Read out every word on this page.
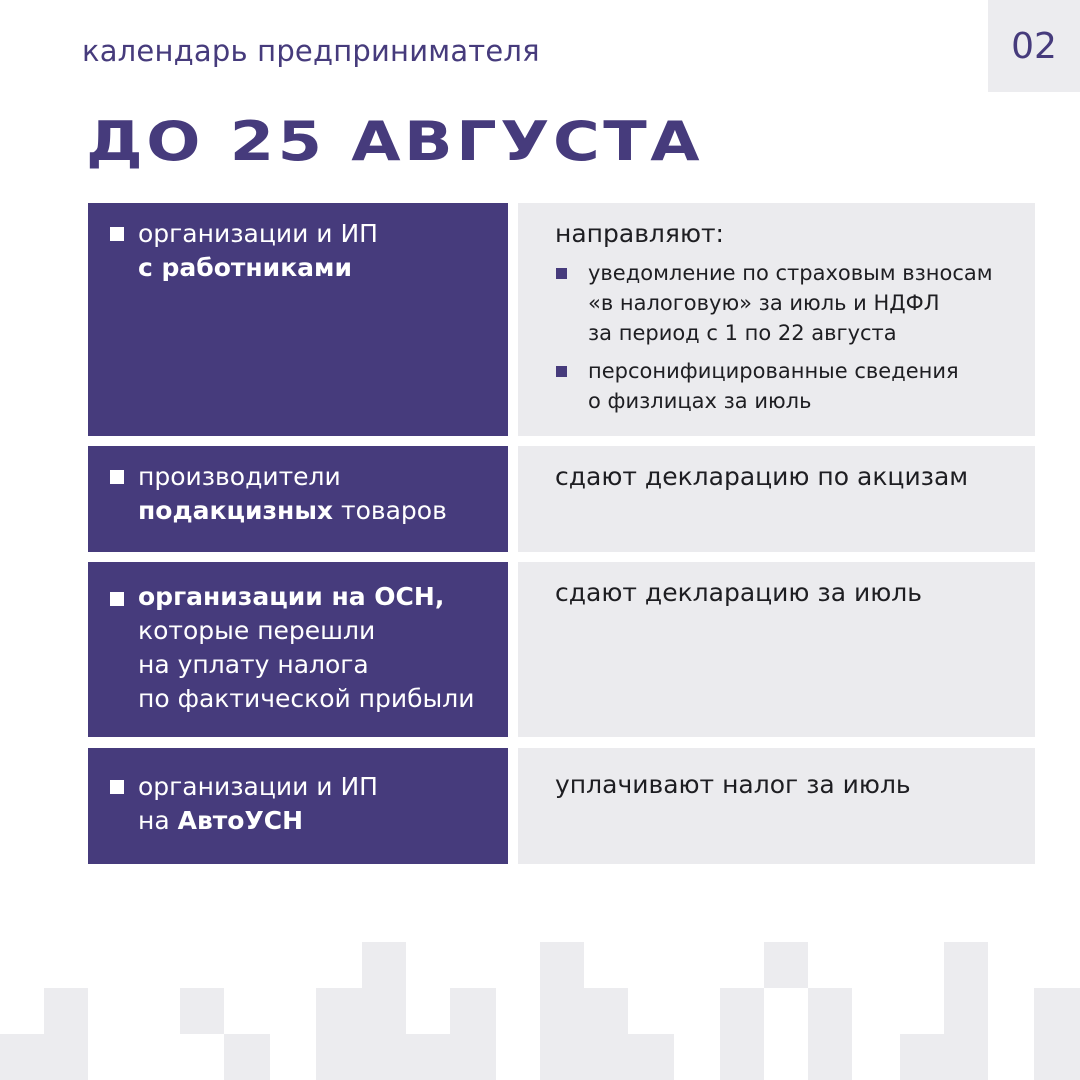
календарь предпринимателя	02
ДО 25 АВГУСТА
организации и ИП
с работниками
направляют:
уведомление по страховым взносам
«в налоговую» за июль и НДФЛ
за период с 1 по 22 августа
персонифицированные сведения
о физлицах за июль
производители
подакцизных товаров
сдают декларацию по акцизам
организации на ОСН,
которые перешли
на уплату налога
по фактической прибыли
сдают декларацию за июль
организации и ИП
на АвтоУСН
уплачивают налог за июль
